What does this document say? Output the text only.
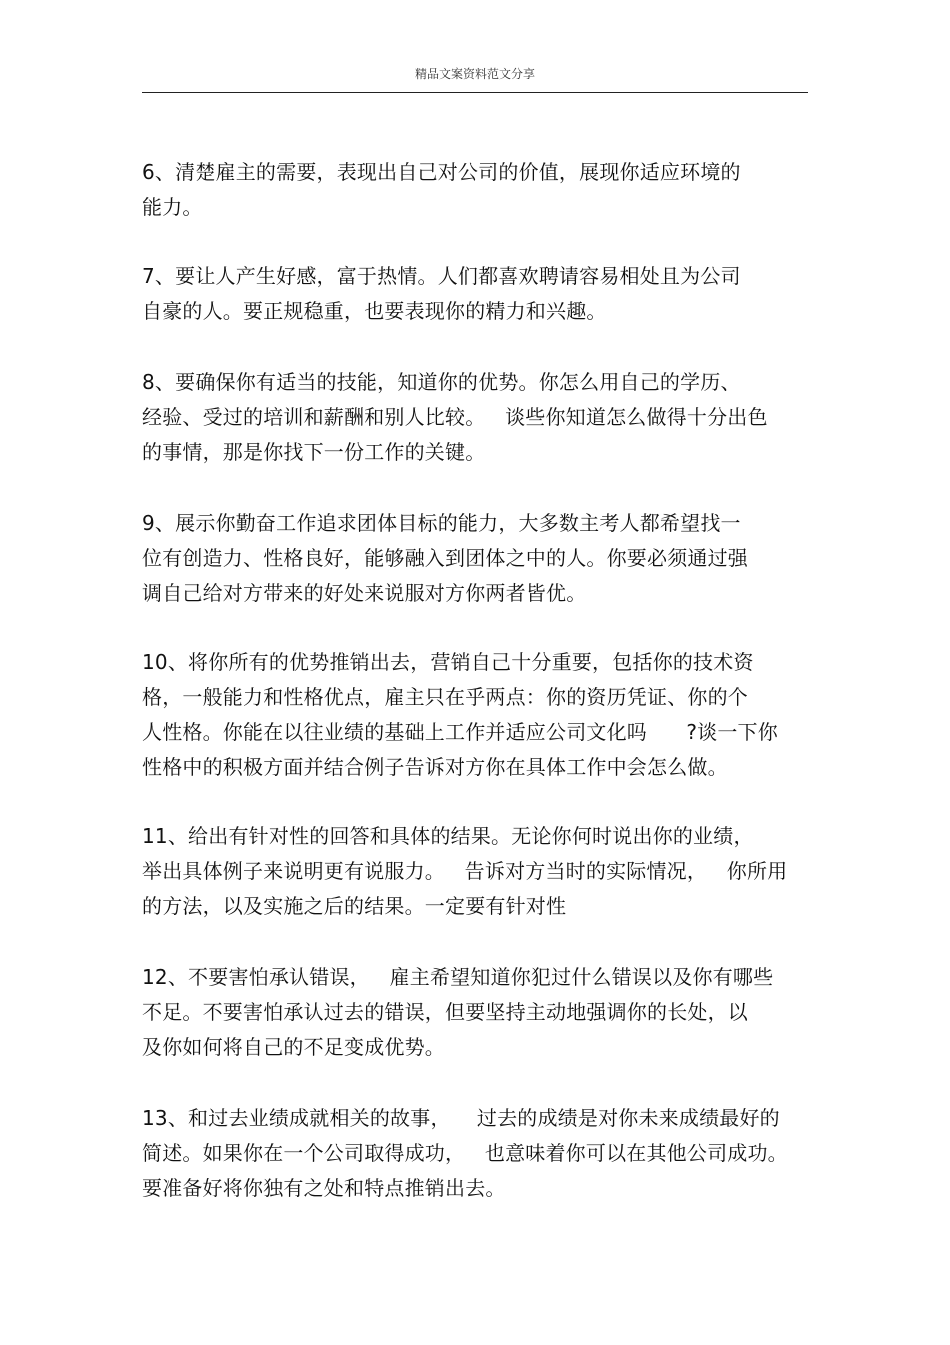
精品文案资料范文分享
6、清楚雇主的需要，表现出自己对公司的价值，展现你适应环境的
能力。
7、要让人产生好感，富于热情。人们都喜欢聘请容易相处且为公司
自豪的人。要正规稳重，也要表现你的精力和兴趣。
8、要确保你有适当的技能，知道你的优势。你怎么用自己的学历、
经验、受过的培训和薪酬和别人比较。   谈些你知道怎么做得十分出色
的事情，那是你找下一份工作的关键。
9、展示你勤奋工作追求团体目标的能力，大多数主考人都希望找一
位有创造力、性格良好，能够融入到团体之中的人。你要必须通过强
调自己给对方带来的好处来说服对方你两者皆优。
10、将你所有的优势推销出去，营销自己十分重要，包括你的技术资
格，一般能力和性格优点，雇主只在乎两点：你的资历凭证、你的个
人性格。你能在以往业绩的基础上工作并适应公司文化吗      ?谈一下你
性格中的积极方面并结合例子告诉对方你在具体工作中会怎么做。
11、给出有针对性的回答和具体的结果。无论你何时说出你的业绩，
举出具体例子来说明更有说服力。   告诉对方当时的实际情况，   你所用
的方法，以及实施之后的结果。一定要有针对性
12、不要害怕承认错误，   雇主希望知道你犯过什么错误以及你有哪些
不足。不要害怕承认过去的错误，但要坚持主动地强调你的长处，以
及你如何将自己的不足变成优势。
13、和过去业绩成就相关的故事，    过去的成绩是对你未来成绩最好的
简述。如果你在一个公司取得成功，   也意味着你可以在其他公司成功。
要准备好将你独有之处和特点推销出去。
